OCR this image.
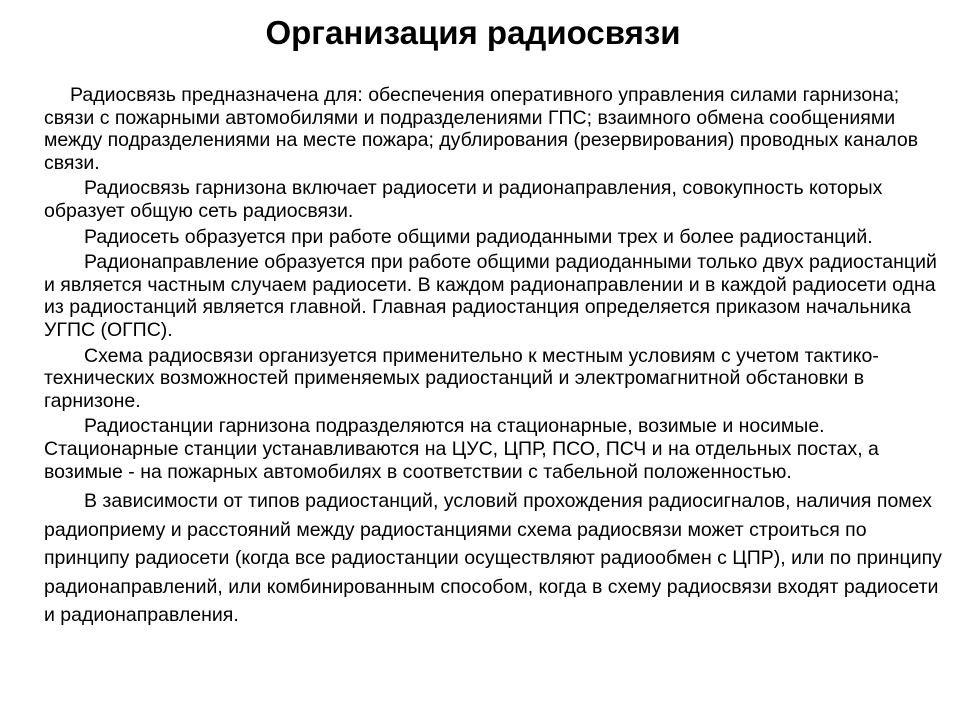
Организация радиосвязи

Радиосвязь предназначена для: обеспечения оперативного управления силами гарнизона; связи с пожарными автомобилями и подразделениями ГПС; взаимного обмена сообщениями между подразделениями на месте пожара; дублирования (резервирования) проводных каналов связи.

Радиосвязь гарнизона включает радиосети и радионаправления, совокупность которых образует общую сеть радиосвязи.

Радиосеть образуется при работе общими радиоданными трех и более радиостанций.

Радионаправление образуется при работе общими радиоданными только двух радиостанций и является частным случаем радиосети. В каждом радионаправлении и в каждой радиосети одна из радиостанций является главной. Главная радиостанция определяется приказом начальника УГПС (ОГПС).

Схема радиосвязи организуется применительно к местным условиям с учетом тактико-технических возможностей применяемых радиостанций и электромагнитной обстановки в гарнизоне.

Радиостанции гарнизона подразделяются на стационарные, возимые и носимые. Стационарные станции устанавливаются на ЦУС, ЦПР, ПСО, ПСЧ и на отдельных постах, а возимые - на пожарных автомобилях в соответствии с табельной положенностью.

В зависимости от типов радиостанций, условий прохождения радиосигналов, наличия помех радиоприему и расстояний между радиостанциями схема радиосвязи может строиться по принципу радиосети (когда все радиостанции осуществляют радиообмен с ЦПР), или по принципу радионаправлений, или комбинированным способом, когда в схему радиосвязи входят радиосети и радионаправления.
